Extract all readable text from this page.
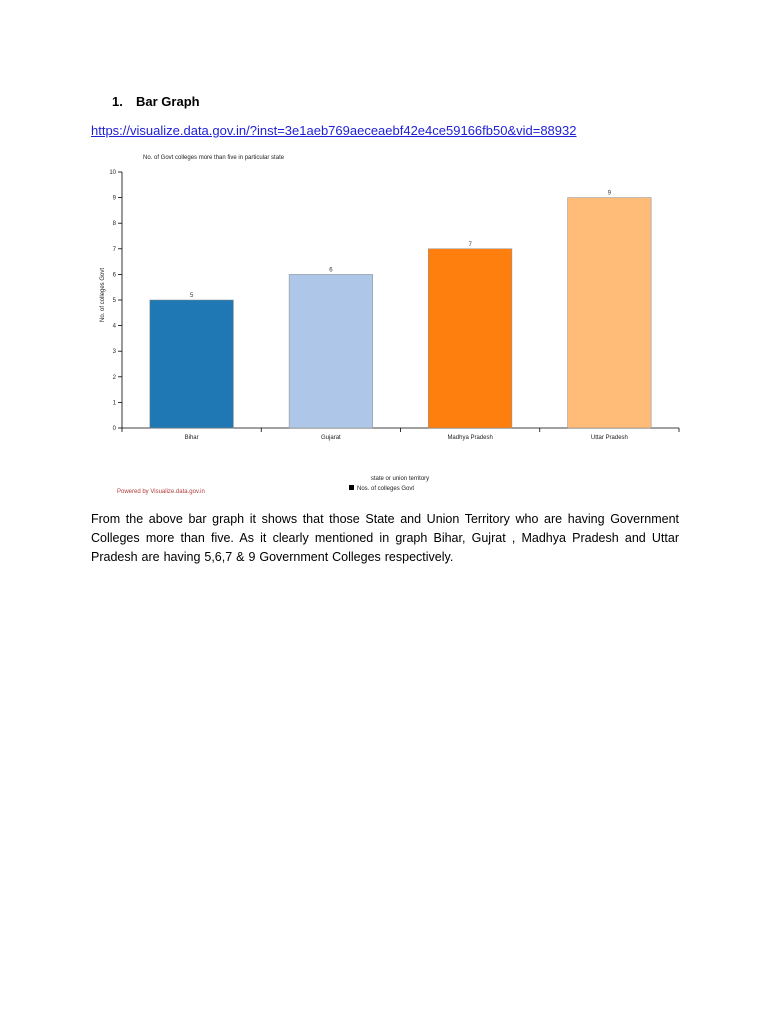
1. Bar Graph
https://visualize.data.gov.in/?inst=3e1aeb769aeceaebf42e4ce59166fb50&vid=88932
No. of Govt colleges more than five in particular state
0
1
2
3
4
5
6
7
8
9
10
No. of colleges Govt	5
Bihar
6
Gujarat
7
Madhya Pradesh
9
Uttar Pradesh
state or union territory
Nos. of colleges Govt
Powered by Visualize.data.gov.in

From the above bar graph it shows that those State and Union Territory who are having Government Colleges more than five. As it clearly mentioned in graph Bihar, Gujrat , Madhya Pradesh and Uttar Pradesh are having 5,6,7 & 9 Government Colleges respectively.
